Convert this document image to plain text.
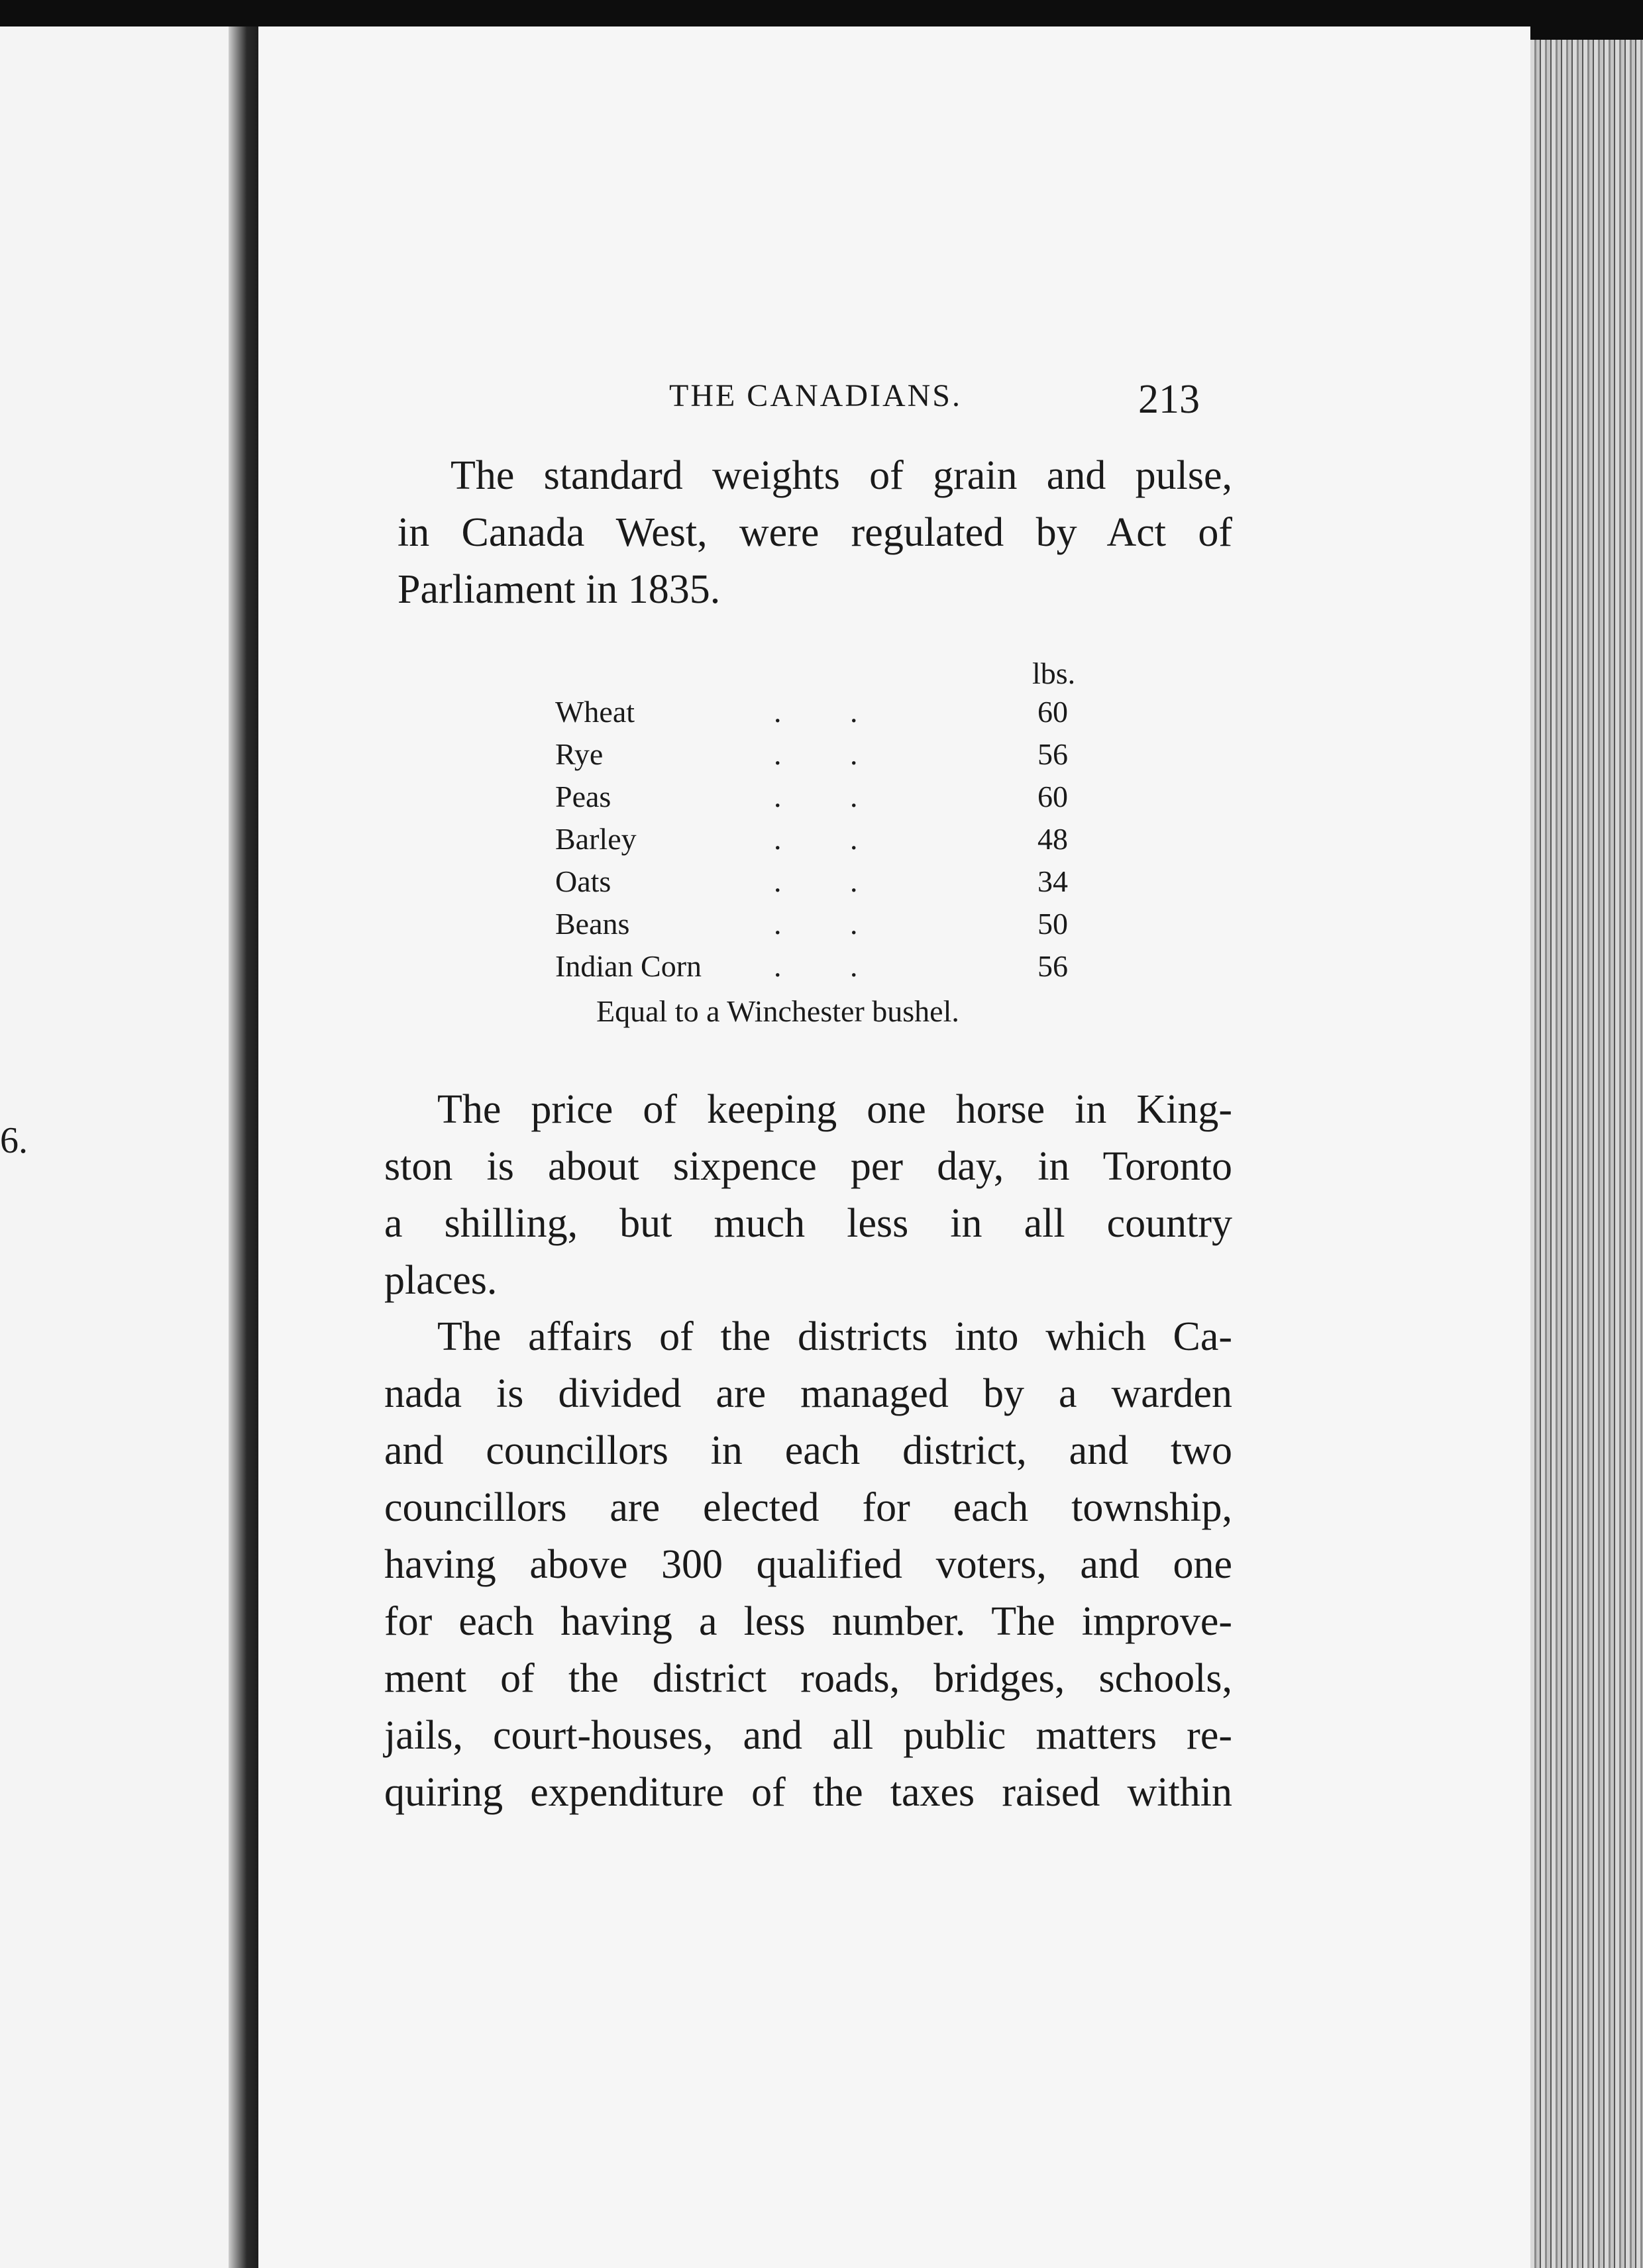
6.
THE CANADIANS.	213
The standard weights of grain and pulse,
in Canada West, were regulated by Act of
Parliament in 1835.
lbs.
Wheat	. .	60
Rye	. .	56
Peas	. .	60
Barley	. .	48
Oats	. .	34
Beans	. .	50
Indian Corn . .	56
Equal to a Winchester bushel.
The price of keeping one horse in King-
ston is about sixpence per day, in Toronto
a shilling, but much less in all country
places.
The affairs of the districts into which Ca-
nada is divided are managed by a warden
and councillors in each district, and two
councillors are elected for each township,
having above 300 qualified voters, and one
for each having a less number. The improve-
ment of the district roads, bridges, schools,
jails, court-houses, and all public matters re-
quiring expenditure of the taxes raised within
